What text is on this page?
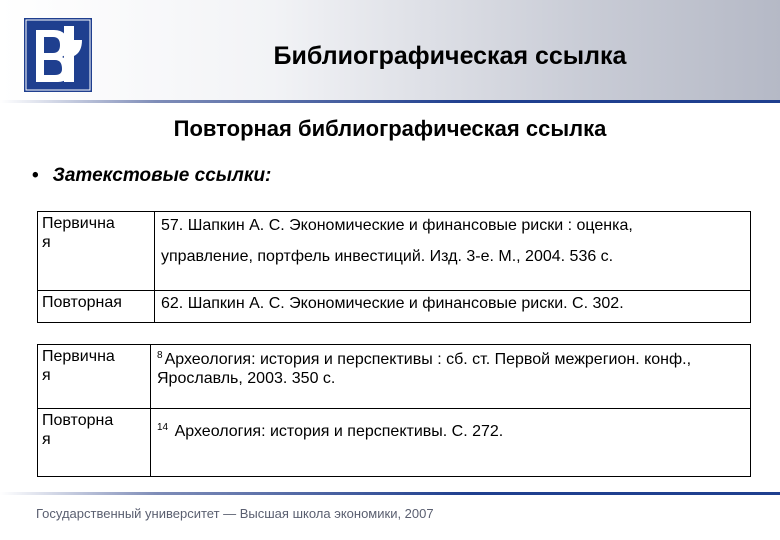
Библиографическая ссылка
Повторная библиографическая ссылка
• Затекстовые ссылки:
Первична
я	57. Шапкин А. С. Экономические и финансовые риски : оценка,
управление, портфель инвестиций. Изд. 3-е. М., 2004. 536 с.

Повторная	62. Шапкин А. С. Экономические и финансовые риски. С. 302.
Первична
я	$^8$ Археология: история и перспективы : сб. ст. Первой межрегион. конф., Ярославль, 2003. 350 с.
Повторна
я	$^{14}$ Археология: история и перспективы. С. 272.
Государственный университет — Высшая школа экономики, 2007
